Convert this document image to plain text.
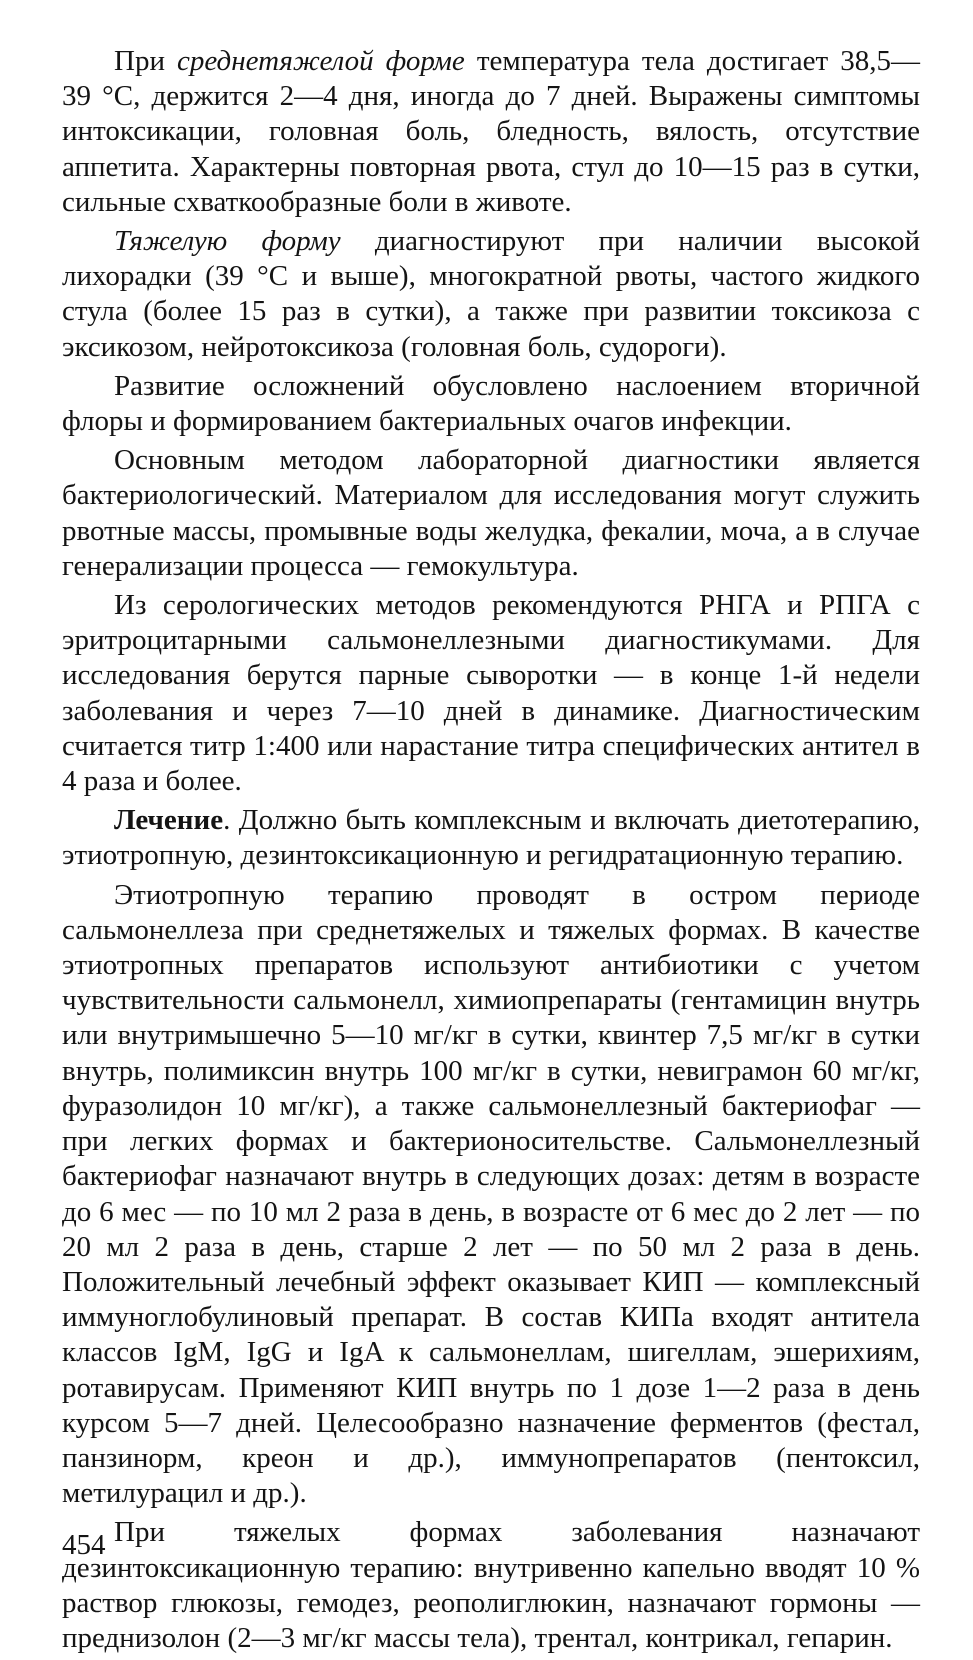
При среднетяжелой форме температура тела достигает 38,5—39 °С, держится 2—4 дня, иногда до 7 дней. Выражены симптомы интоксикации, головная боль, бледность, вялость, отсутствие аппетита. Характерны повторная рвота, стул до 10—15 раз в сутки, сильные схваткообразные боли в животе.

Тяжелую форму диагностируют при наличии высокой лихорадки (39 °С и выше), многократной рвоты, частого жидкого стула (более 15 раз в сутки), а также при развитии токсикоза с эксикозом, нейротоксикоза (головная боль, судороги).

Развитие осложнений обусловлено наслоением вторичной флоры и формированием бактериальных очагов инфекции.

Основным методом лабораторной диагностики является бактериологический. Материалом для исследования могут служить рвотные массы, промывные воды желудка, фекалии, моча, а в случае генерализации процесса — гемокультура.

Из серологических методов рекомендуются РНГА и РПГА с эритроцитарными сальмонеллезными диагностикумами. Для исследования берутся парные сыворотки — в конце 1-й недели заболевания и через 7—10 дней в динамике. Диагностическим считается титр 1:400 или нарастание титра специфических антител в 4 раза и более.

Лечение. Должно быть комплексным и включать диетотерапию, этиотропную, дезинтоксикационную и регидратационную терапию.

Этиотропную терапию проводят в остром периоде сальмонеллеза при среднетяжелых и тяжелых формах. В качестве этиотропных препаратов используют антибиотики с учетом чувствительности сальмонелл, химиопрепараты (гентамицин внутрь или внутримышечно 5—10 мг/кг в сутки, квинтер 7,5 мг/кг в сутки внутрь, полимиксин внутрь 100 мг/кг в сутки, невиграмон 60 мг/кг, фуразолидон 10 мг/кг), а также сальмонеллезный бактериофаг — при легких формах и бактерионосительстве. Сальмонеллезный бактериофаг назначают внутрь в следующих дозах: детям в возрасте до 6 мес — по 10 мл 2 раза в день, в возрасте от 6 мес до 2 лет — по 20 мл 2 раза в день, старше 2 лет — по 50 мл 2 раза в день. Положительный лечебный эффект оказывает КИП — комплексный иммуноглобулиновый препарат. В состав КИПа входят антитела классов IgM, IgG и IgA к сальмонеллам, шигеллам, эшерихиям, ротавирусам. Применяют КИП внутрь по 1 дозе 1—2 раза в день курсом 5—7 дней. Целесообразно назначение ферментов (фестал, панзинорм, креон и др.), иммунопрепаратов (пентоксил, метилурацил и др.).

При тяжелых формах заболевания назначают дезинтоксикационную терапию: внутривенно капельно вводят 10 % раствор глюкозы, гемодез, реополиглюкин, назначают гормоны — преднизолон (2—3 мг/кг массы тела), трентал, контрикал, гепарин.

454
